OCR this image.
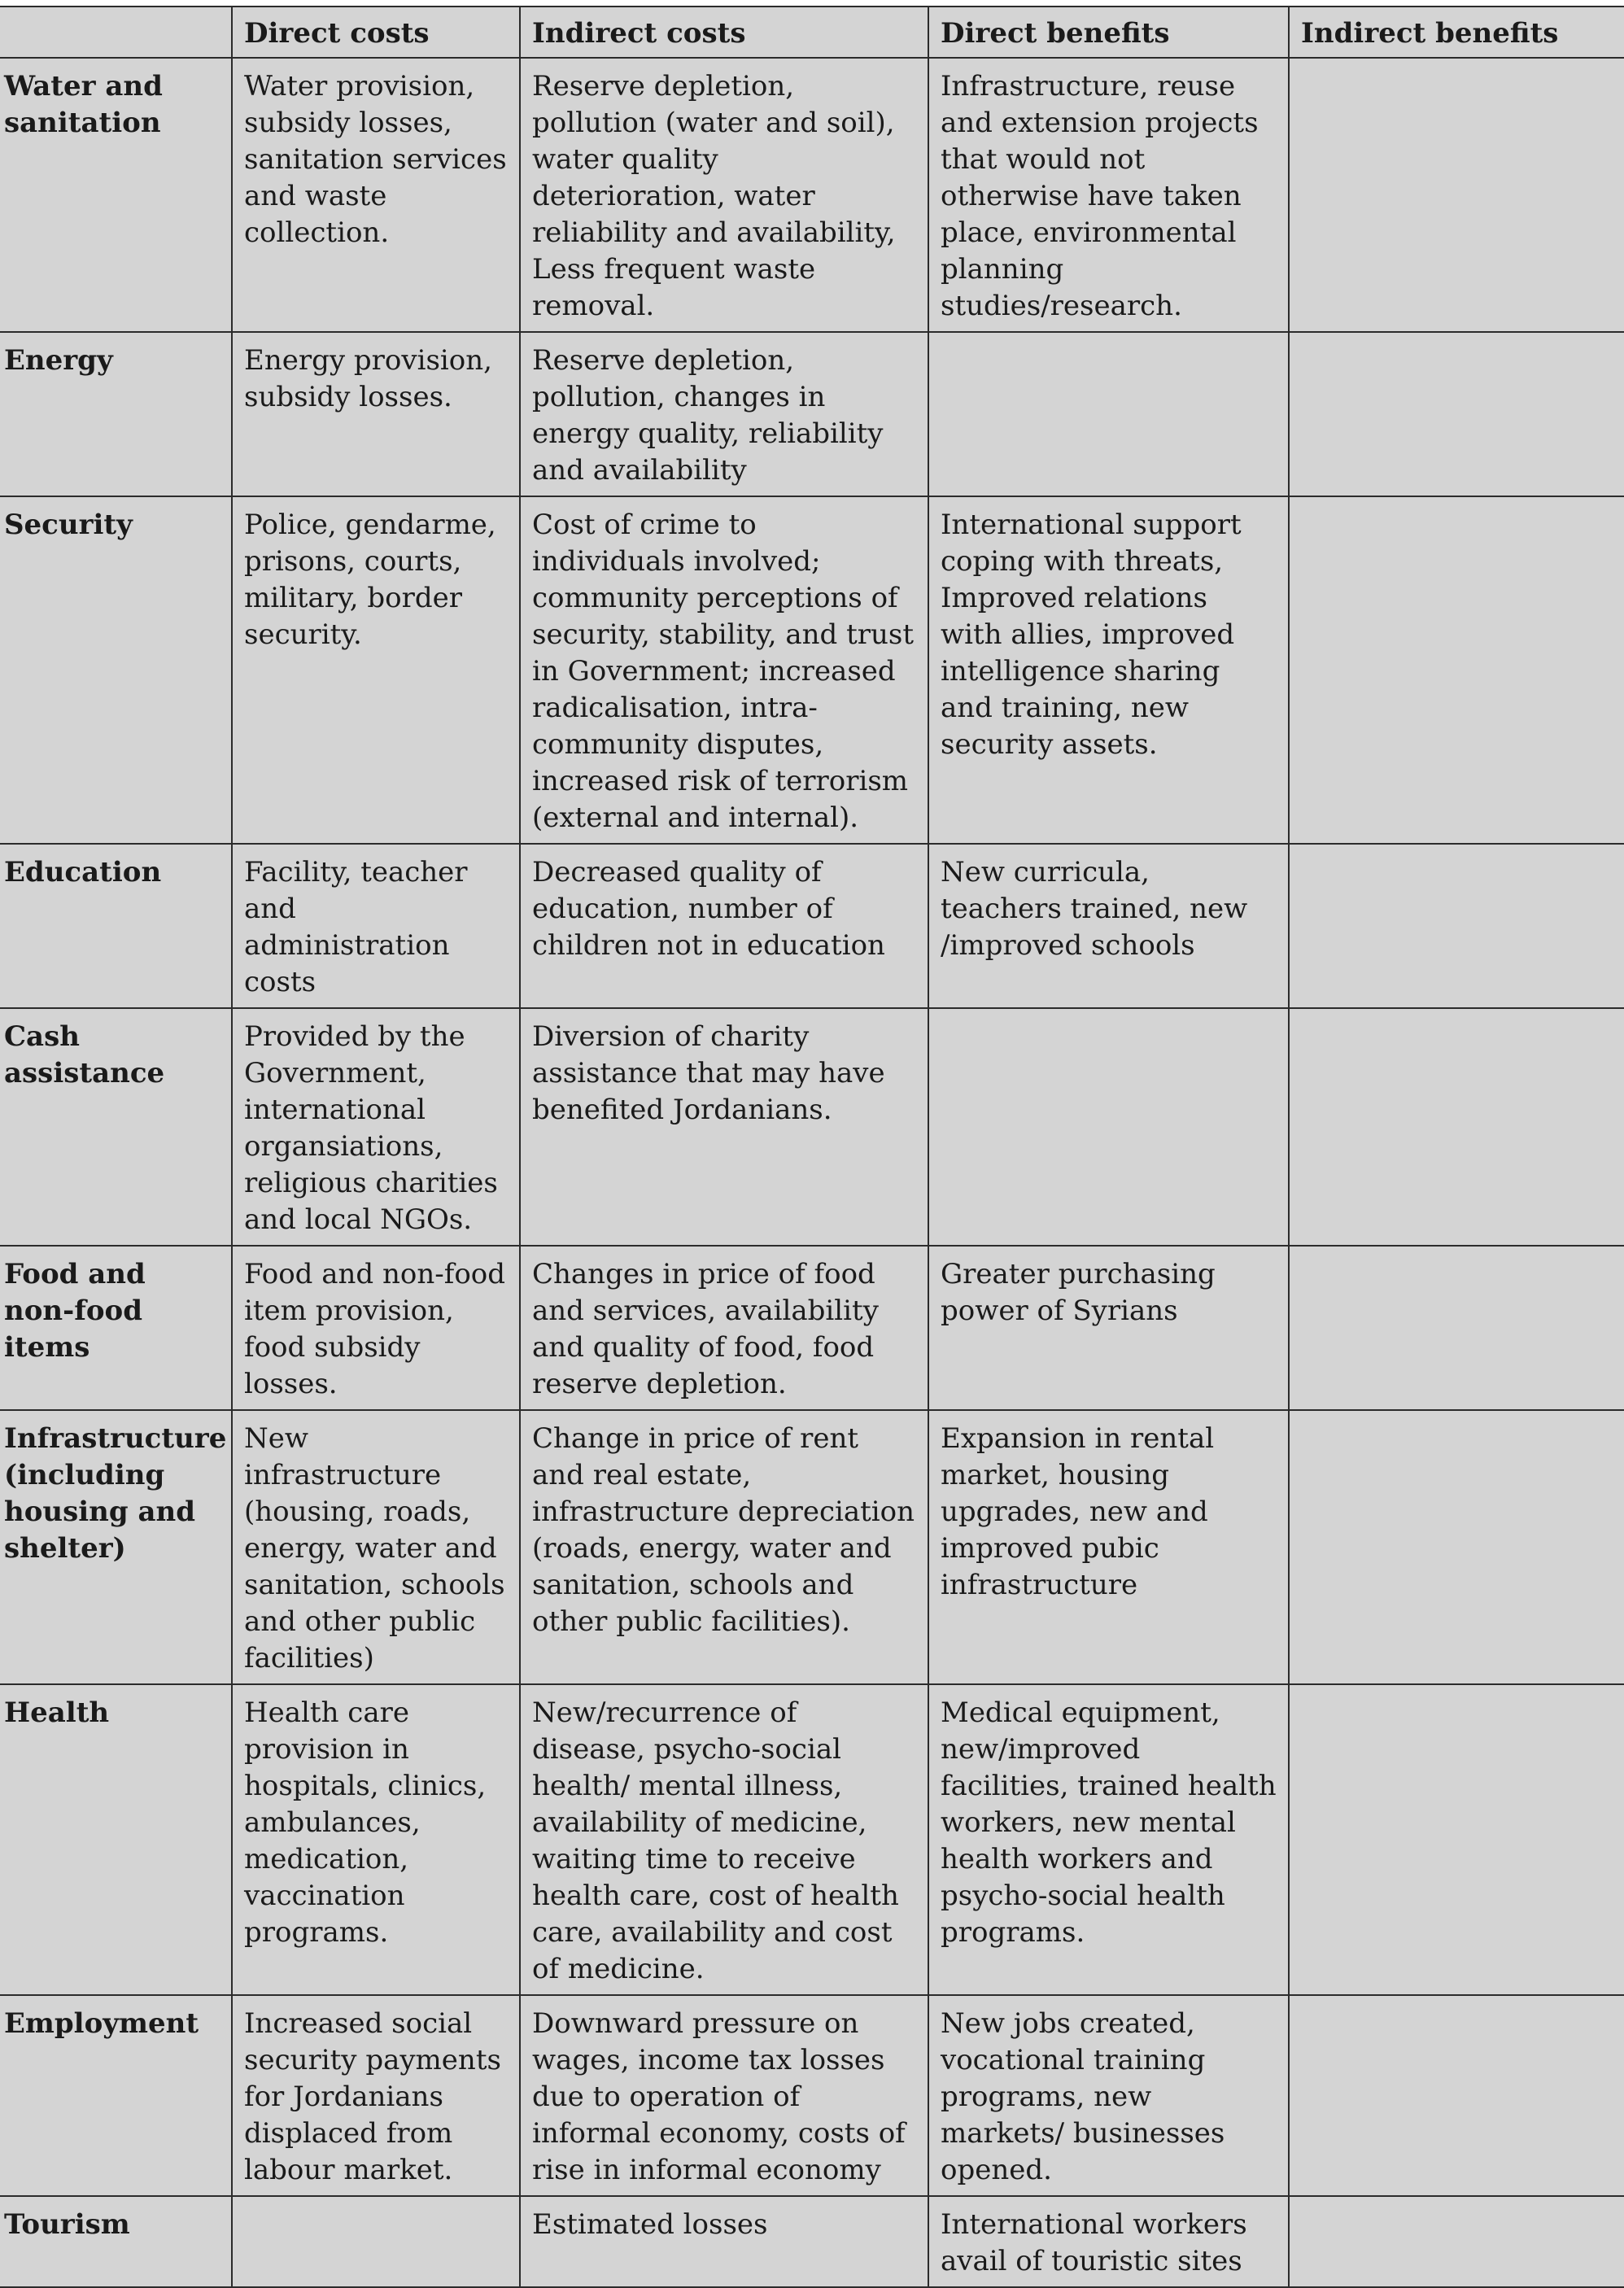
	Direct costs	Indirect costs	Direct benefits	Indirect benefits
Water and sanitation	Water provision, subsidy losses, sanitation services and waste collection.	Reserve depletion, pollution (water and soil), water quality deterioration, water reliability and availability, Less frequent waste removal.	Infrastructure, reuse and extension projects that would not otherwise have taken place, environmental planning studies/research.	
Energy	Energy provision, subsidy losses.	Reserve depletion, pollution, changes in energy quality, reliability and availability		
Security	Police, gendarme, prisons, courts, military, border security.	Cost of crime to individuals involved; community perceptions of security, stability, and trust in Government; increased radicalisation, intra-community disputes, increased risk of terrorism (external and internal).	International support coping with threats, Improved relations with allies, improved intelligence sharing and training, new security assets.	
Education	Facility, teacher and administration costs	Decreased quality of education, number of children not in education	New curricula, teachers trained, new /improved schools	
Cash assistance	Provided by the Government, international organsiations, religious charities and local NGOs.	Diversion of charity assistance that may have benefited Jordanians.		
Food and non-food items	Food and non-food item provision, food subsidy losses.	Changes in price of food and services, availability and quality of food, food reserve depletion.	Greater purchasing power of Syrians	
Infrastructure (including housing and shelter)	New infrastructure (housing, roads, energy, water and sanitation, schools and other public facilities)	Change in price of rent and real estate, infrastructure depreciation (roads, energy, water and sanitation, schools and other public facilities).	Expansion in rental market, housing upgrades, new and improved pubic infrastructure	
Health	Health care provision in hospitals, clinics, ambulances, medication, vaccination programs.	New/recurrence of disease, psycho-social health/ mental illness, availability of medicine, waiting time to receive health care, cost of health care, availability and cost of medicine.	Medical equipment, new/improved facilities, trained health workers, new mental health workers and psycho-social health programs.	
Employment	Increased social security payments for Jordanians displaced from labour market.	Downward pressure on wages, income tax losses due to operation of informal economy, costs of rise in informal economy	New jobs created, vocational training programs, new markets/ businesses opened.	
Tourism		Estimated losses	International workers avail of touristic sites	
